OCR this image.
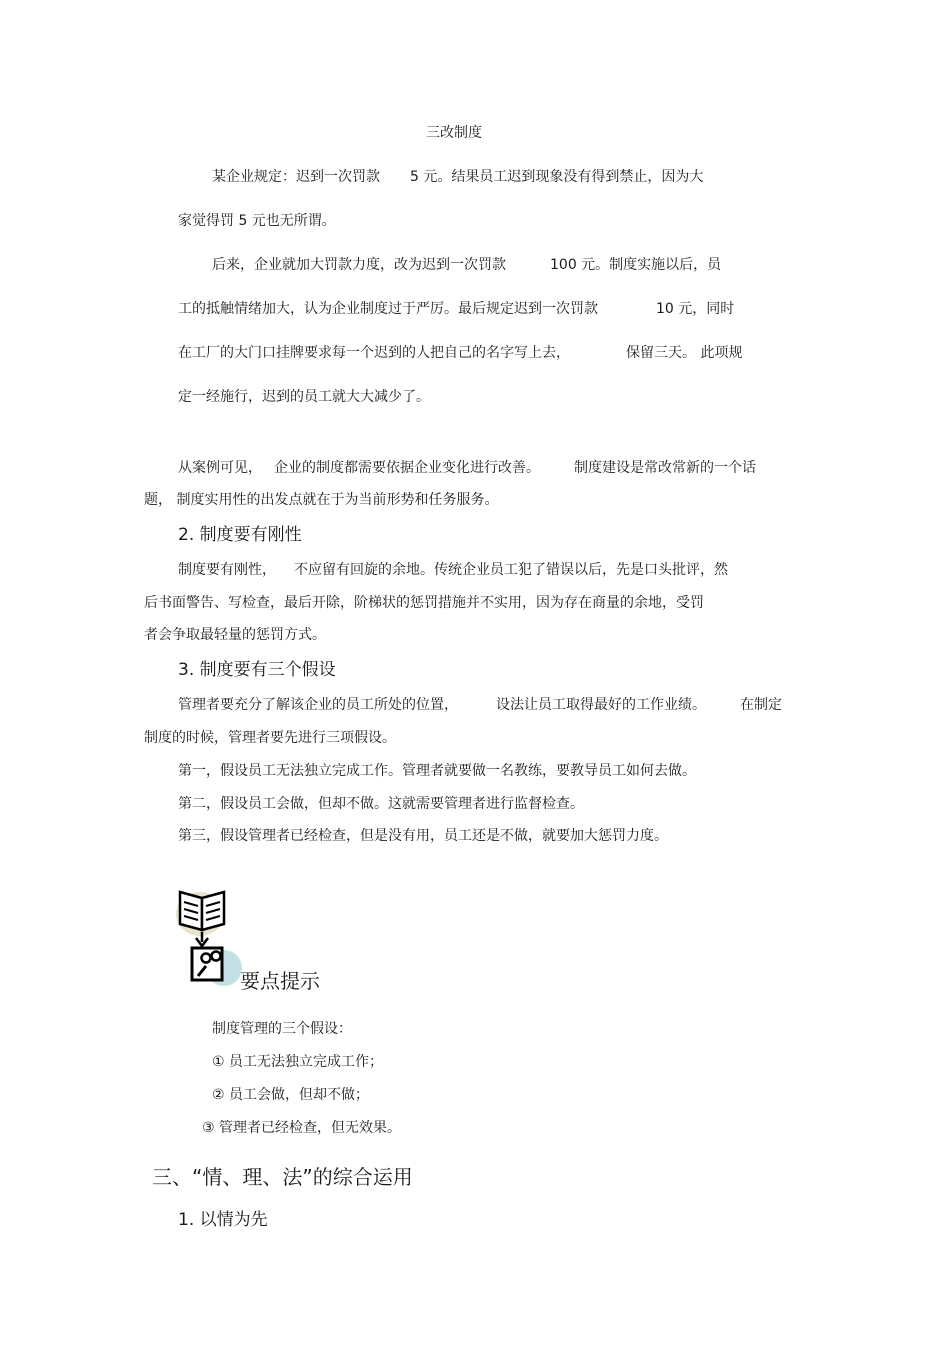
三改制度
某企业规定：迟到一次罚款 5 元。结果员工迟到现象没有得到禁止，因为大
家觉得罚 5 元也无所谓。
后来，企业就加大罚款力度，改为迟到一次罚款	100 元。制度实施以后，员
工的抵触情绪加大，认为企业制度过于严厉。最后规定迟到一次罚款	10 元，同时
在工厂的大门口挂牌要求每一个迟到的人把自己的名字写上去，	保留三天。 此项规
定一经施行，迟到的员工就大大减少了。
从案例可见， 企业的制度都需要依据企业变化进行改善。 制度建设是常改常新的一个话
题， 制度实用性的出发点就在于为当前形势和任务服务。
2. 制度要有刚性
制度要有刚性， 不应留有回旋的余地。传统企业员工犯了错误以后，先是口头批评，然
后书面警告、写检查，最后开除，阶梯状的惩罚措施并不实用，因为存在商量的余地，受罚
者会争取最轻量的惩罚方式。
3. 制度要有三个假设
管理者要充分了解该企业的员工所处的位置，	设法让员工取得最好的工作业绩。 在制定
制度的时候，管理者要先进行三项假设。
第一，假设员工无法独立完成工作。管理者就要做一名教练，要教导员工如何去做。
第二，假设员工会做，但却不做。这就需要管理者进行监督检查。
第三，假设管理者已经检查，但是没有用，员工还是不做，就要加大惩罚力度。
要点提示
制度管理的三个假设：
① 员工无法独立完成工作；
② 员工会做，但却不做；
③ 管理者已经检查，但无效果。
三、“情、理、法”的综合运用
1. 以情为先
